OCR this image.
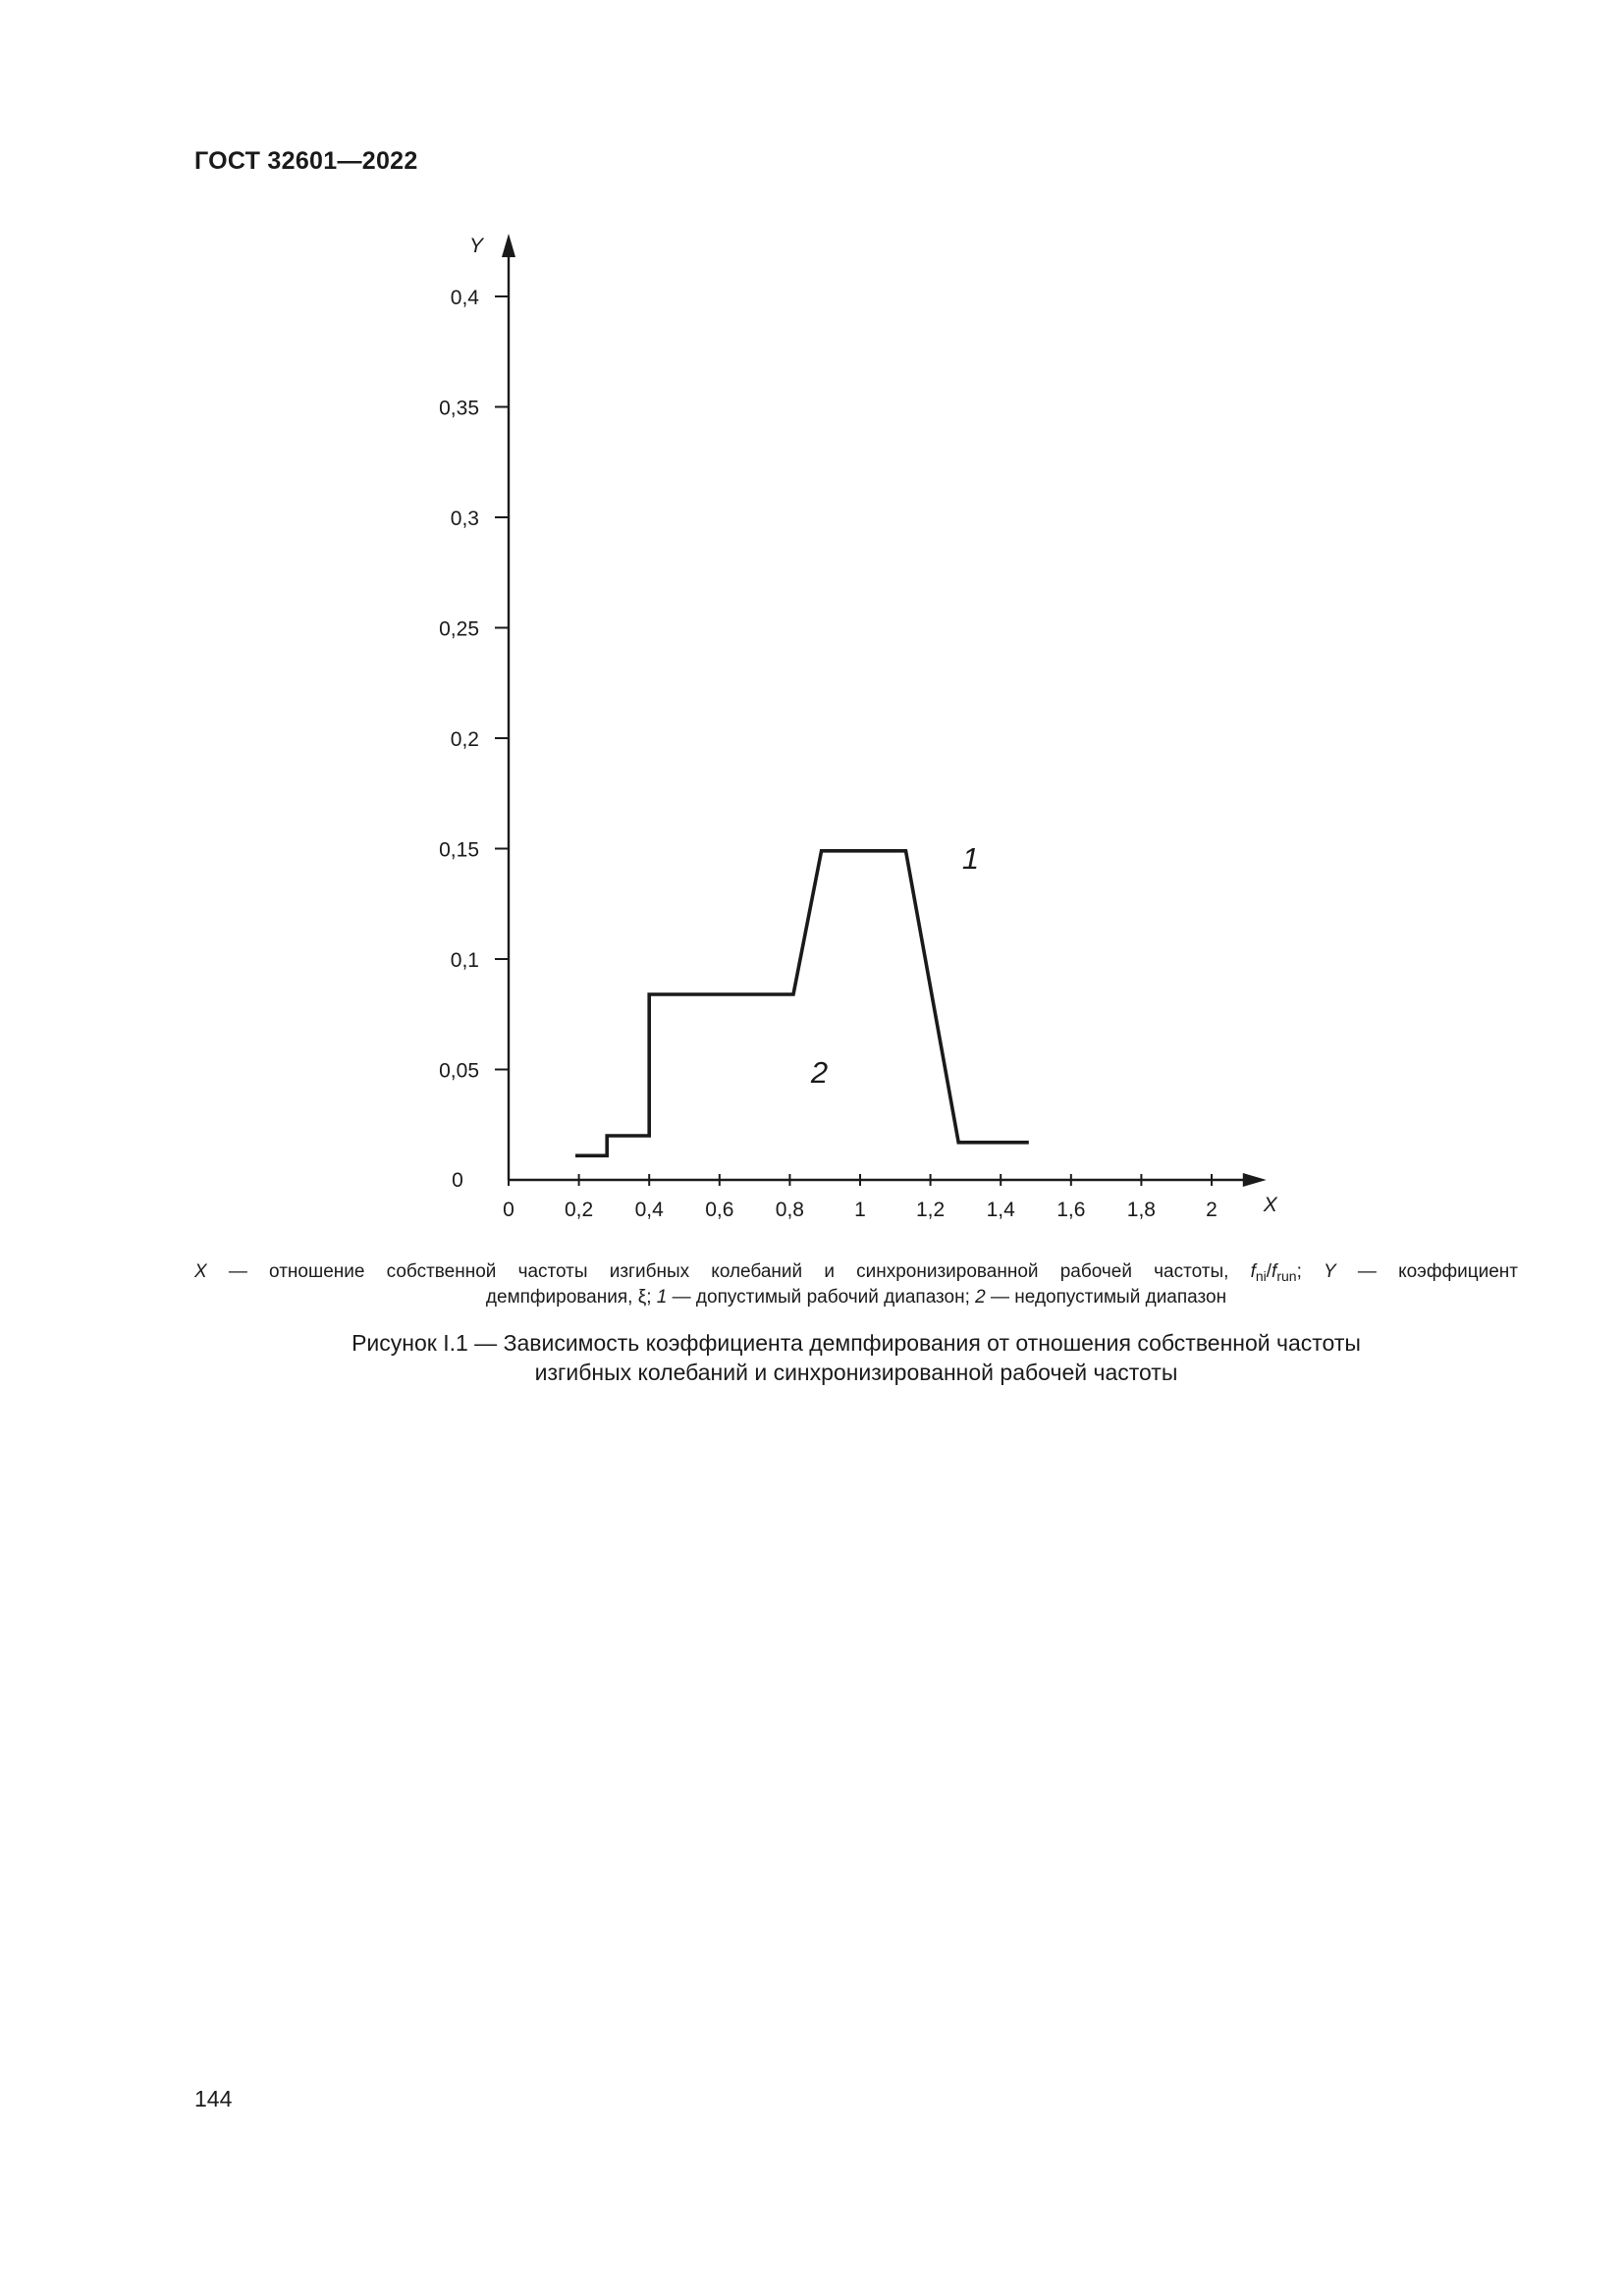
ГОСТ 32601—2022
X
Y
0 0,2 0,4 0,6 0,8 1 1,2 1,4 1,6 1,8 2
0
0,05
0,1
0,15
0,2
0,25
0,3
0,35
0,4
1
2
X — отношение собственной частоты изгибных колебаний и синхронизированной рабочей частоты, $f_{ni}/f_{run}$; Y — коэффициент
демпфирования, ξ; 1 — допустимый рабочий диапазон; 2 — недопустимый диапазон
Рисунок I.1 — Зависимость коэффициента демпфирования от отношения собственной частоты
изгибных колебаний и синхронизированной рабочей частоты
144
